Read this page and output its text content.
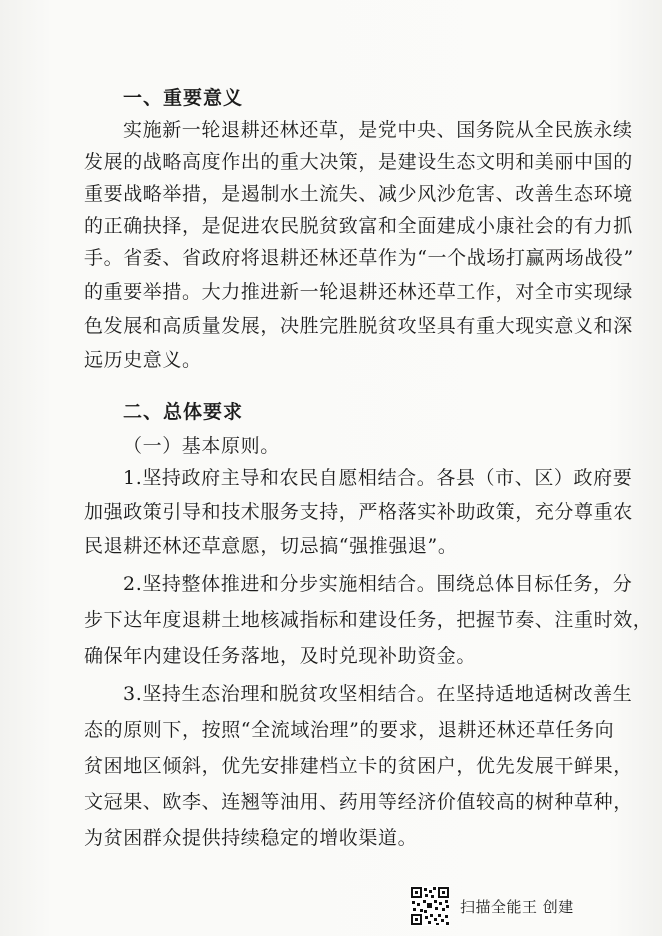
一、重要意义
实施新一轮退耕还林还草，是党中央、国务院从全民族永续
发展的战略高度作出的重大决策，是建设生态文明和美丽中国的
重要战略举措，是遏制水土流失、减少风沙危害、改善生态环境
的正确抉择，是促进农民脱贫致富和全面建成小康社会的有力抓
手。省委、省政府将退耕还林还草作为“一个战场打赢两场战役”
的重要举措。大力推进新一轮退耕还林还草工作，对全市实现绿
色发展和高质量发展，决胜完胜脱贫攻坚具有重大现实意义和深
远历史意义。
二、总体要求
（一）基本原则。
1.坚持政府主导和农民自愿相结合。各县（市、区）政府要
加强政策引导和技术服务支持，严格落实补助政策，充分尊重农
民退耕还林还草意愿，切忌搞“强推强退”。
2.坚持整体推进和分步实施相结合。围绕总体目标任务，分
步下达年度退耕土地核减指标和建设任务，把握节奏、注重时效，
确保年内建设任务落地，及时兑现补助资金。
3.坚持生态治理和脱贫攻坚相结合。在坚持适地适树改善生
态的原则下，按照“全流域治理”的要求，退耕还林还草任务向
贫困地区倾斜，优先安排建档立卡的贫困户，优先发展干鲜果，
文冠果、欧李、连翘等油用、药用等经济价值较高的树种草种，
为贫困群众提供持续稳定的增收渠道。
扫描全能王 创建
